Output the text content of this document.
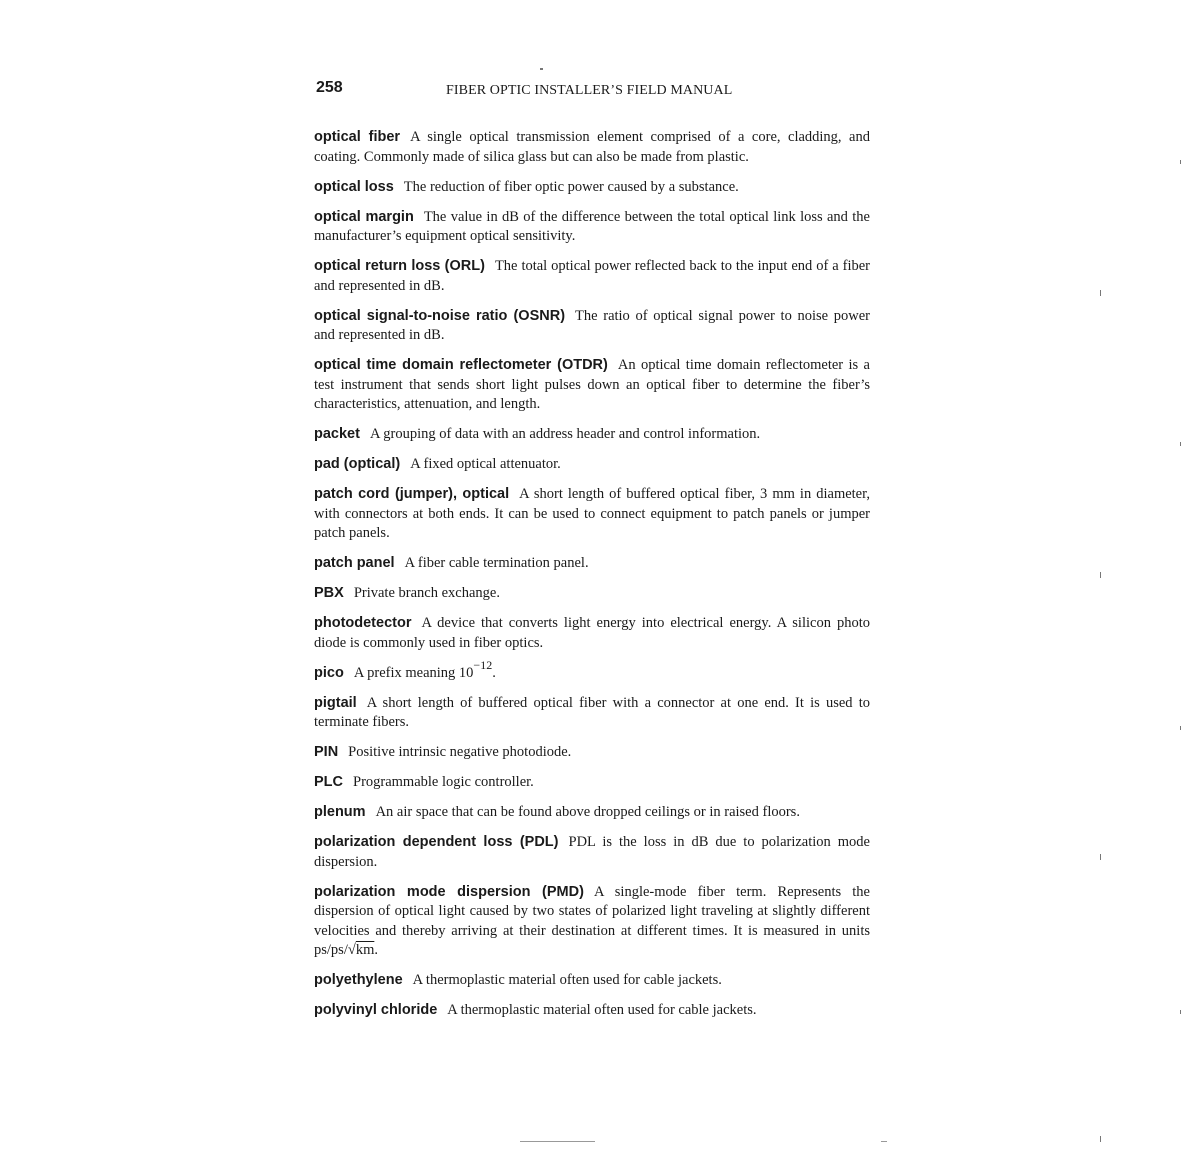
258	FIBER OPTIC INSTALLER’S FIELD MANUAL

optical fiber A single optical transmission element comprised of a core, cladding, and coating. Commonly made of silica glass but can also be made from plastic.

optical loss The reduction of fiber optic power caused by a substance.

optical margin The value in dB of the difference between the total optical link loss and the manufacturer’s equipment optical sensitivity.

optical return loss (ORL) The total optical power reflected back to the input end of a fiber and represented in dB.

optical signal-to-noise ratio (OSNR) The ratio of optical signal power to noise power and represented in dB.

optical time domain reflectometer (OTDR) An optical time domain reflectometer is a test instrument that sends short light pulses down an optical fiber to determine the fiber’s characteristics, attenuation, and length.

packet A grouping of data with an address header and control information.

pad (optical) A fixed optical attenuator.

patch cord (jumper), optical A short length of buffered optical fiber, 3 mm in diameter, with connectors at both ends. It can be used to connect equipment to patch panels or jumper patch panels.

patch panel A fiber cable termination panel.

PBX Private branch exchange.

photodetector A device that converts light energy into electrical energy. A silicon photo diode is commonly used in fiber optics.

pico A prefix meaning $10^{-12}$.

pigtail A short length of buffered optical fiber with a connector at one end. It is used to terminate fibers.

PIN Positive intrinsic negative photodiode.

PLC Programmable logic controller.

plenum An air space that can be found above dropped ceilings or in raised floors.

polarization dependent loss (PDL) PDL is the loss in dB due to polarization mode dispersion.

polarization mode dispersion (PMD) A single-mode fiber term. Represents the dispersion of optical light caused by two states of polarized light traveling at slightly different velocities and thereby arriving at their destination at different times. It is measured in units ps/ps/√km.

polyethylene A thermoplastic material often used for cable jackets.

polyvinyl chloride A thermoplastic material often used for cable jackets.
